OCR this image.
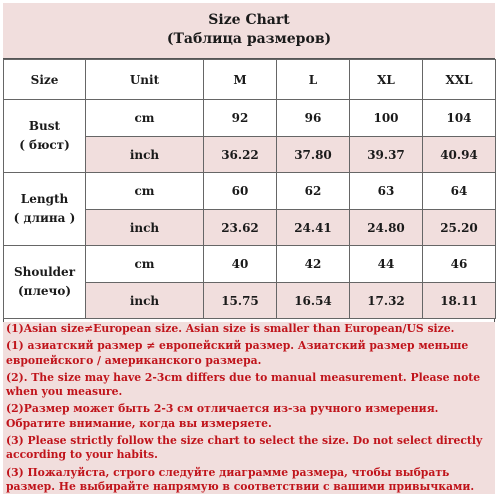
Size Chart
(Таблица размеров)
Size	Unit	M	L	XL	XXL

Bust
( бюст)	cm	92	96	100	104
	inch	36.22	37.80	39.37	40.94

Length
( длина )	cm	60	62	63	64
	inch	23.62	24.41	24.80	25.20

Shoulder
(плечо)	cm	40	42	44	46
	inch	15.75	16.54	17.32	18.11

(1)Asian size≠European size. Asian size is smaller than European/US size.

(1) азиатский размер ≠ европейский размер. Азиатский размер меньше европейского / американского размера.

(2). The size may have 2-3cm differs due to manual measurement. Please note when you measure.

(2)Размер может быть 2-3 см отличается из-за ручного измерения. Обратите внимание, когда вы измеряете.

(3) Please strictly follow the size chart to select the size. Do not select directly according to your habits.

(3) Пожалуйста, строго следуйте диаграмме размера, чтобы выбрать размер. Не выбирайте напрямую в соответствии с вашими привычками.
